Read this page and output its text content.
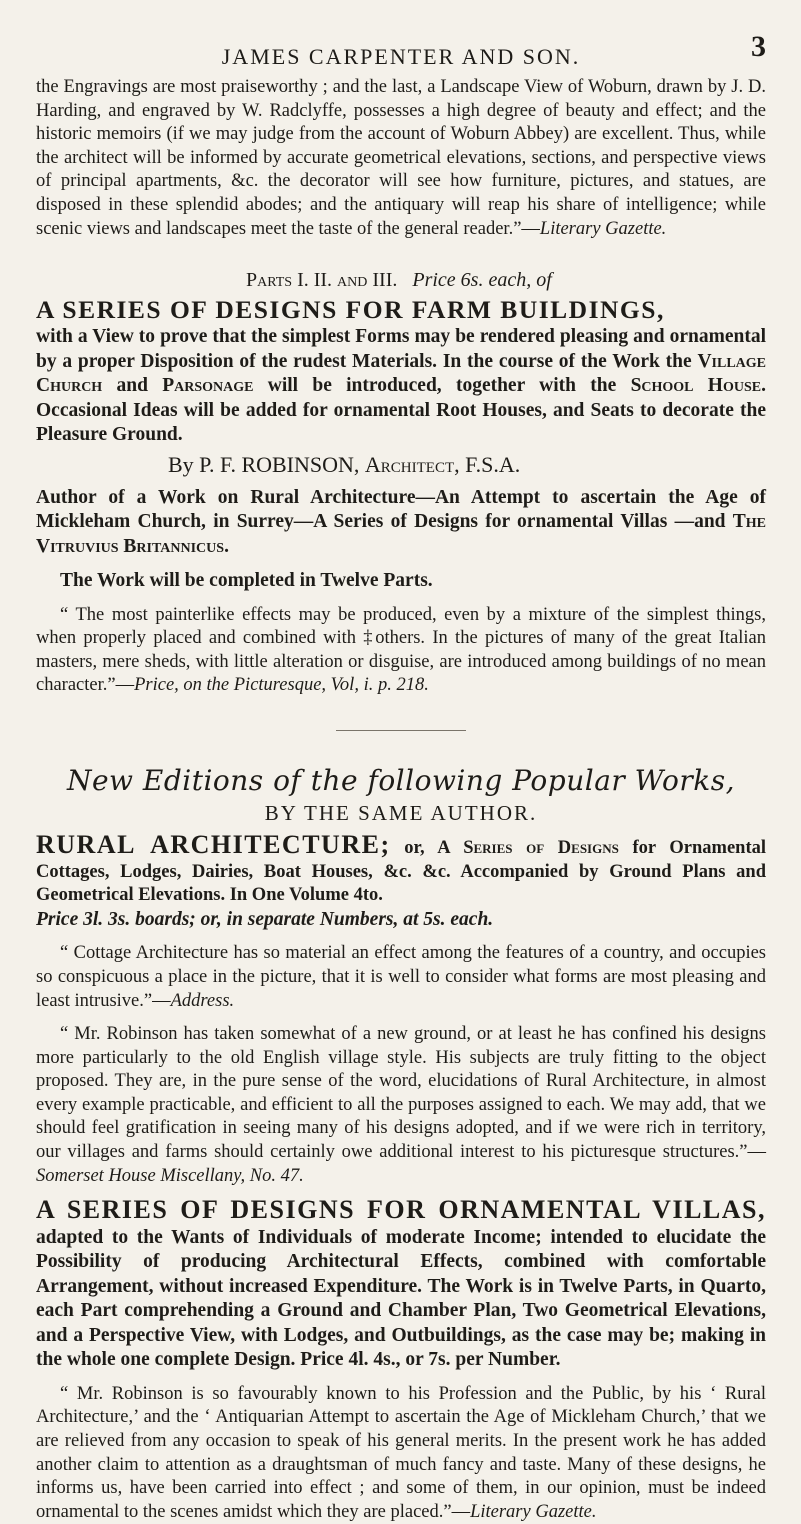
JAMES CARPENTER AND SON.	3

the Engravings are most praiseworthy ; and the last, a Landscape View of Woburn, drawn by J. D. Harding, and engraved by W. Radclyffe, possesses a high degree of beauty and effect; and the historic memoirs (if we may judge from the account of Woburn Abbey) are excellent. Thus, while the architect will be informed by accurate geometrical elevations, sections, and perspective views of principal apartments, &c. the decorator will see how furniture, pictures, and statues, are disposed in these splendid abodes; and the antiquary will reap his share of intelligence; while scenic views and landscapes meet the taste of the general reader.”—Literary Gazette.

Parts I. II. and III. Price 6s. each, of

A SERIES OF DESIGNS FOR FARM BUILDINGS,

with a View to prove that the simplest Forms may be rendered pleasing and ornamental by a proper Disposition of the rudest Materials. In the course of the Work the Village Church and Parsonage will be introduced, together with the School House. Occasional Ideas will be added for ornamental Root Houses, and Seats to decorate the Pleasure Ground.

By P. F. ROBINSON, Architect, F.S.A.

Author of a Work on Rural Architecture—An Attempt to ascertain the Age of Mickleham Church, in Surrey—A Series of Designs for ornamental Villas —and The Vitruvius Britannicus.

The Work will be completed in Twelve Parts.

“ The most painterlike effects may be produced, even by a mixture of the simplest things, when properly placed and combined with ‡others. In the pictures of many of the great Italian masters, mere sheds, with little alteration or disguise, are introduced among buildings of no mean character.”—Price, on the Picturesque, Vol, i. p. 218.

New Editions of the following Popular Works,

BY THE SAME AUTHOR.

RURAL ARCHITECTURE; or, A Series of Designs for Ornamental Cottages, Lodges, Dairies, Boat Houses, &c. &c. Accompanied by Ground Plans and Geometrical Elevations. In One Volume 4to.

Price 3l. 3s. boards; or, in separate Numbers, at 5s. each.

“ Cottage Architecture has so material an effect among the features of a country, and occupies so conspicuous a place in the picture, that it is well to consider what forms are most pleasing and least intrusive.”—Address.

“ Mr. Robinson has taken somewhat of a new ground, or at least he has confined his designs more particularly to the old English village style. His subjects are truly fitting to the object proposed. They are, in the pure sense of the word, elucidations of Rural Architecture, in almost every example practicable, and efficient to all the purposes assigned to each. We may add, that we should feel gratification in seeing many of his designs adopted, and if we were rich in territory, our villages and farms should certainly owe additional interest to his picturesque structures.”—Somerset House Miscellany, No. 47.

A SERIES OF DESIGNS FOR ORNAMENTAL VILLAS, adapted to the Wants of Individuals of moderate Income; intended to elucidate the Possibility of producing Architectural Effects, combined with comfortable Arrangement, without increased Expenditure. The Work is in Twelve Parts, in Quarto, each Part comprehending a Ground and Chamber Plan, Two Geometrical Elevations, and a Perspective View, with Lodges, and Outbuildings, as the case may be; making in the whole one complete Design. Price 4l. 4s., or 7s. per Number.

“ Mr. Robinson is so favourably known to his Profession and the Public, by his ‘ Rural Architecture,’ and the ‘ Antiquarian Attempt to ascertain the Age of Mickleham Church,’ that we are relieved from any occasion to speak of his general merits. In the present work he has added another claim to attention as a draughtsman of much fancy and taste. Many of these designs, he informs us, have been carried into effect ; and some of them, in our opinion, must be indeed ornamental to the scenes amidst which they are placed.”—Literary Gazette.
